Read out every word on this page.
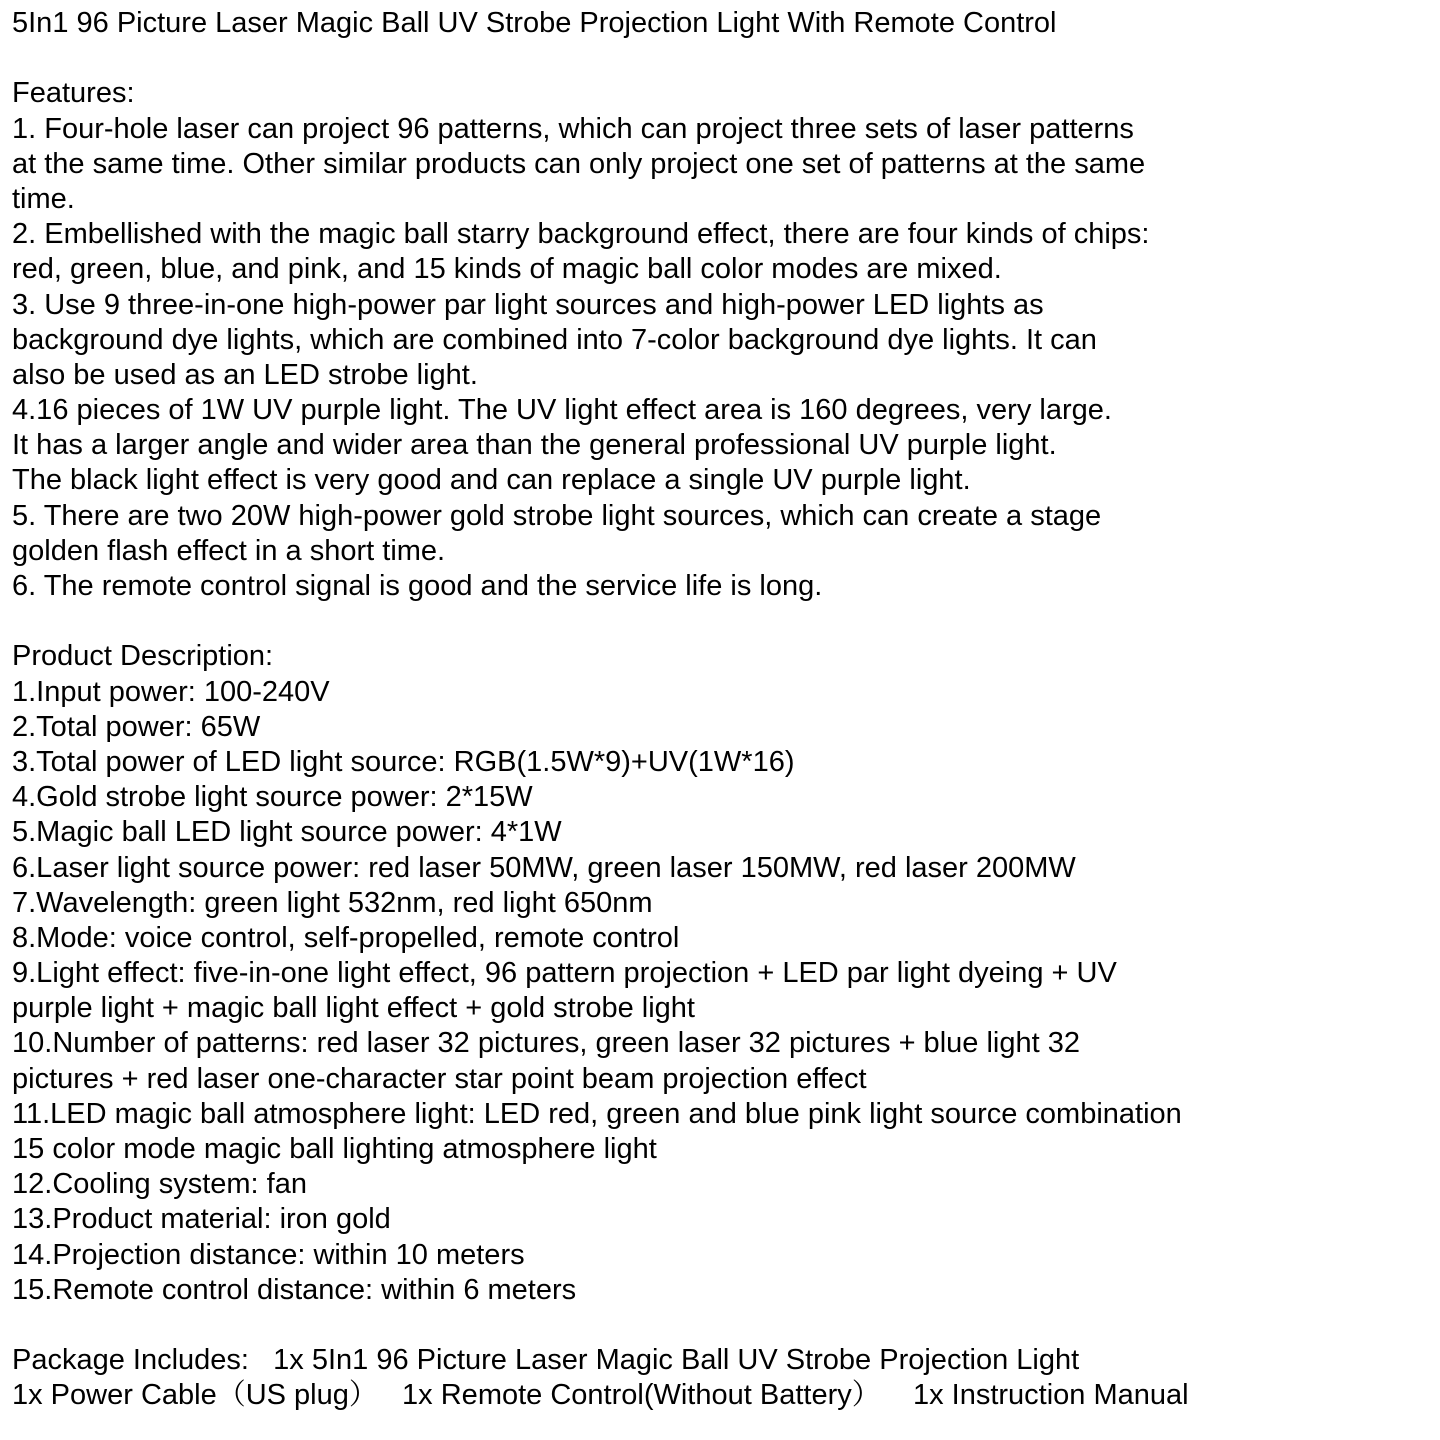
5In1 96 Picture Laser Magic Ball UV Strobe Projection Light With Remote Control
Features:
1. Four-hole laser can project 96 patterns, which can project three sets of laser patterns
at the same time. Other similar products can only project one set of patterns at the same
time.
2. Embellished with the magic ball starry background effect, there are four kinds of chips:
red, green, blue, and pink, and 15 kinds of magic ball color modes are mixed.
3. Use 9 three-in-one high-power par light sources and high-power LED lights as
background dye lights, which are combined into 7-color background dye lights. It can
also be used as an LED strobe light.
4.16 pieces of 1W UV purple light. The UV light effect area is 160 degrees, very large.
It has a larger angle and wider area than the general professional UV purple light.
The black light effect is very good and can replace a single UV purple light.
5. There are two 20W high-power gold strobe light sources, which can create a stage
golden flash effect in a short time.
6. The remote control signal is good and the service life is long.
Product Description:
1.Input power: 100-240V
2.Total power: 65W
3.Total power of LED light source: RGB(1.5W*9)+UV(1W*16)
4.Gold strobe light source power: 2*15W
5.Magic ball LED light source power: 4*1W
6.Laser light source power: red laser 50MW, green laser 150MW, red laser 200MW
7.Wavelength: green light 532nm, red light 650nm
8.Mode: voice control, self-propelled, remote control
9.Light effect: five-in-one light effect, 96 pattern projection + LED par light dyeing + UV
purple light + magic ball light effect + gold strobe light
10.Number of patterns: red laser 32 pictures, green laser 32 pictures + blue light 32
pictures + red laser one-character star point beam projection effect
11.LED magic ball atmosphere light: LED red, green and blue pink light source combination
15 color mode magic ball lighting atmosphere light
12.Cooling system: fan
13.Product material: iron gold
14.Projection distance: within 10 meters
15.Remote control distance: within 6 meters
Package Includes:   1x 5In1 96 Picture Laser Magic Ball UV Strobe Projection Light
1x Power Cable（US plug）   1x Remote Control(Without Battery）    1x Instruction Manual
